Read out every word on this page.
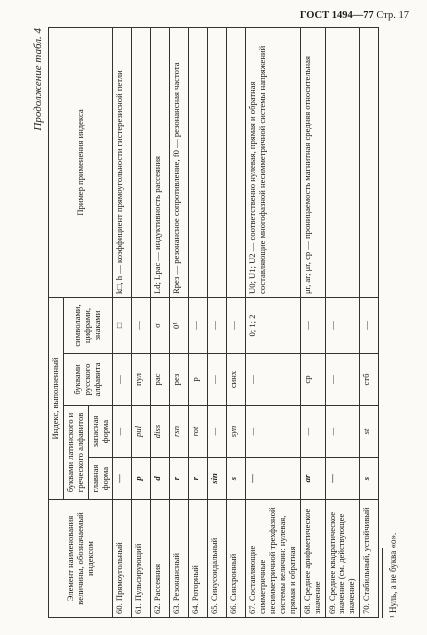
ГОСТ 1494—77 Стр. 17
Продолжение табл. 4
Элемент наименования величины, обозначаемый индексом	Индекс, выполненный				Пример применения индекса
	буквами латинского и греческого алфавитов		буквами русского алфавита	символами, цифрами, знаками	
	главная форма	запасная форма			
60. Прямоугольный	—	—	—	□	k□, h — коэффициент прямоугольности гистерезисной петли
61. Пульсирующий	p	pul	пул	—	
62. Рассеяния	d	diss	рас	σ	Ld; Lрас — индуктивность рассеяния
63. Резонансный	r	rsn	рез	0¹	Rрез — резонансное сопротивление, f0 — резонансная частота
64. Роторный	r	rot	р	—	
65. Синусоидальный	sin	—	—	—	
66. Синхронный	s	syn	синх	—	
67. Составляющие симметричные несимметричной трехфазной системы величин: нулевая, прямая и обратная	—	—	—	0; 1; 2	U0; U1; U2 — соответственно нулевая, прямая и обратная составляющие многофазной несимметричной системы напряжений
68. Среднее арифметическое значение	ar	—	ср	—	μr, ar; μr, ср — проницаемость магнитная средняя относительная
69. Среднее квадратическое значение (см. действующее значение)	—	—	—	—	
70. Стабильный, устойчивый	s	st	стб	—	
¹ Нуль, а не буква «о».
